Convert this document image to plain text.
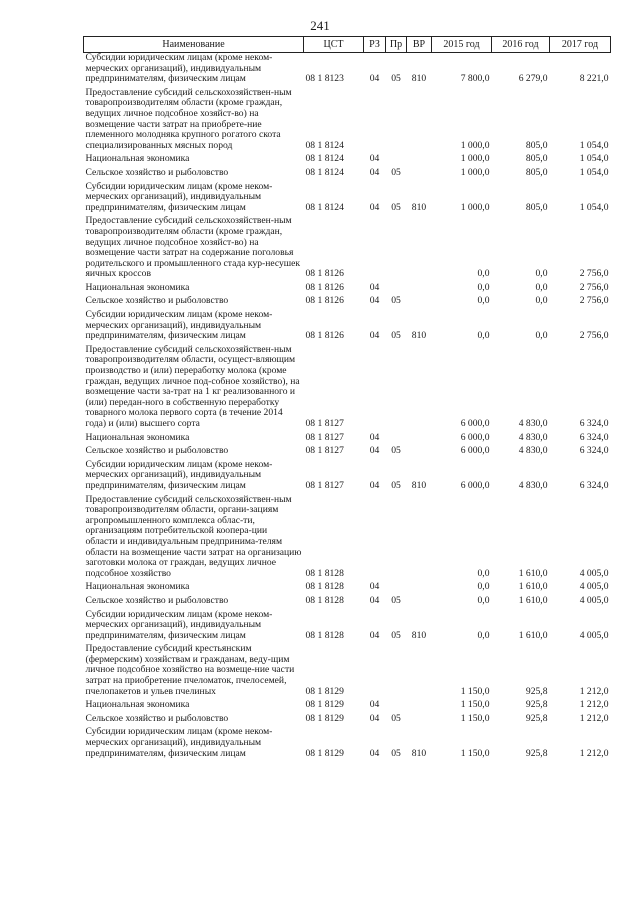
241
Наименование	ЦСТ	РЗ	Пр	ВР	2015 год	2016 год	2017 год
Субсидии юридическим лицам (кроме неком-мерческих организаций), индивидуальным предпринимателям, физическим лицам	08 1 8123	04	05	810	7 800,0	6 279,0	8 221,0
Предоставление субсидий сельскохозяйствен-ным товаропроизводителям области (кроме граждан, ведущих личное подсобное хозяйст-во) на возмещение части затрат на приобрете-ние племенного молодняка крупного рогатого скота специализированных мясных пород	08 1 8124				1 000,0	805,0	1 054,0
Национальная экономика	08 1 8124	04			1 000,0	805,0	1 054,0
Сельское хозяйство и рыболовство	08 1 8124	04	05		1 000,0	805,0	1 054,0
Субсидии юридическим лицам (кроме неком-мерческих организаций), индивидуальным предпринимателям, физическим лицам	08 1 8124	04	05	810	1 000,0	805,0	1 054,0
Предоставление субсидий сельскохозяйствен-ным товаропроизводителям области (кроме граждан, ведущих личное подсобное хозяйст-во) на возмещение части затрат на содержание поголовья родительского и промышленного стада кур-несушек яичных кроссов	08 1 8126				0,0	0,0	2 756,0
Национальная экономика	08 1 8126	04			0,0	0,0	2 756,0
Сельское хозяйство и рыболовство	08 1 8126	04	05		0,0	0,0	2 756,0
Субсидии юридическим лицам (кроме неком-мерческих организаций), индивидуальным предпринимателям, физическим лицам	08 1 8126	04	05	810	0,0	0,0	2 756,0
Предоставление субсидий сельскохозяйствен-ным товаропроизводителям области, осущест-вляющим производство и (или) переработку молока (кроме граждан, ведущих личное под-собное хозяйство), на возмещение части за-трат на 1 кг реализованного и (или) передан-ного в собственную переработку товарного молока первого сорта (в течение 2014 года) и (или) высшего сорта	08 1 8127				6 000,0	4 830,0	6 324,0
Национальная экономика	08 1 8127	04			6 000,0	4 830,0	6 324,0
Сельское хозяйство и рыболовство	08 1 8127	04	05		6 000,0	4 830,0	6 324,0
Субсидии юридическим лицам (кроме неком-мерческих организаций), индивидуальным предпринимателям, физическим лицам	08 1 8127	04	05	810	6 000,0	4 830,0	6 324,0
Предоставление субсидий сельскохозяйствен-ным товаропроизводителям области, органи-зациям агропромышленного комплекса облас-ти, организациям потребительской коопера-ции области и индивидуальным предпринима-телям области на возмещение части затрат на организацию заготовки молока от граждан, ведущих личное подсобное хозяйство	08 1 8128				0,0	1 610,0	4 005,0
Национальная экономика	08 1 8128	04			0,0	1 610,0	4 005,0
Сельское хозяйство и рыболовство	08 1 8128	04	05		0,0	1 610,0	4 005,0
Субсидии юридическим лицам (кроме неком-мерческих организаций), индивидуальным предпринимателям, физическим лицам	08 1 8128	04	05	810	0,0	1 610,0	4 005,0
Предоставление субсидий крестьянским (фермерским) хозяйствам и гражданам, веду-щим личное подсобное хозяйство на возмеще-ние части затрат на приобретение пчеломаток, пчелосемей, пчелопакетов и ульев пчелиных	08 1 8129				1 150,0	925,8	1 212,0
Национальная экономика	08 1 8129	04			1 150,0	925,8	1 212,0
Сельское хозяйство и рыболовство	08 1 8129	04	05		1 150,0	925,8	1 212,0
Субсидии юридическим лицам (кроме неком-мерческих организаций), индивидуальным предпринимателям, физическим лицам	08 1 8129	04	05	810	1 150,0	925,8	1 212,0
